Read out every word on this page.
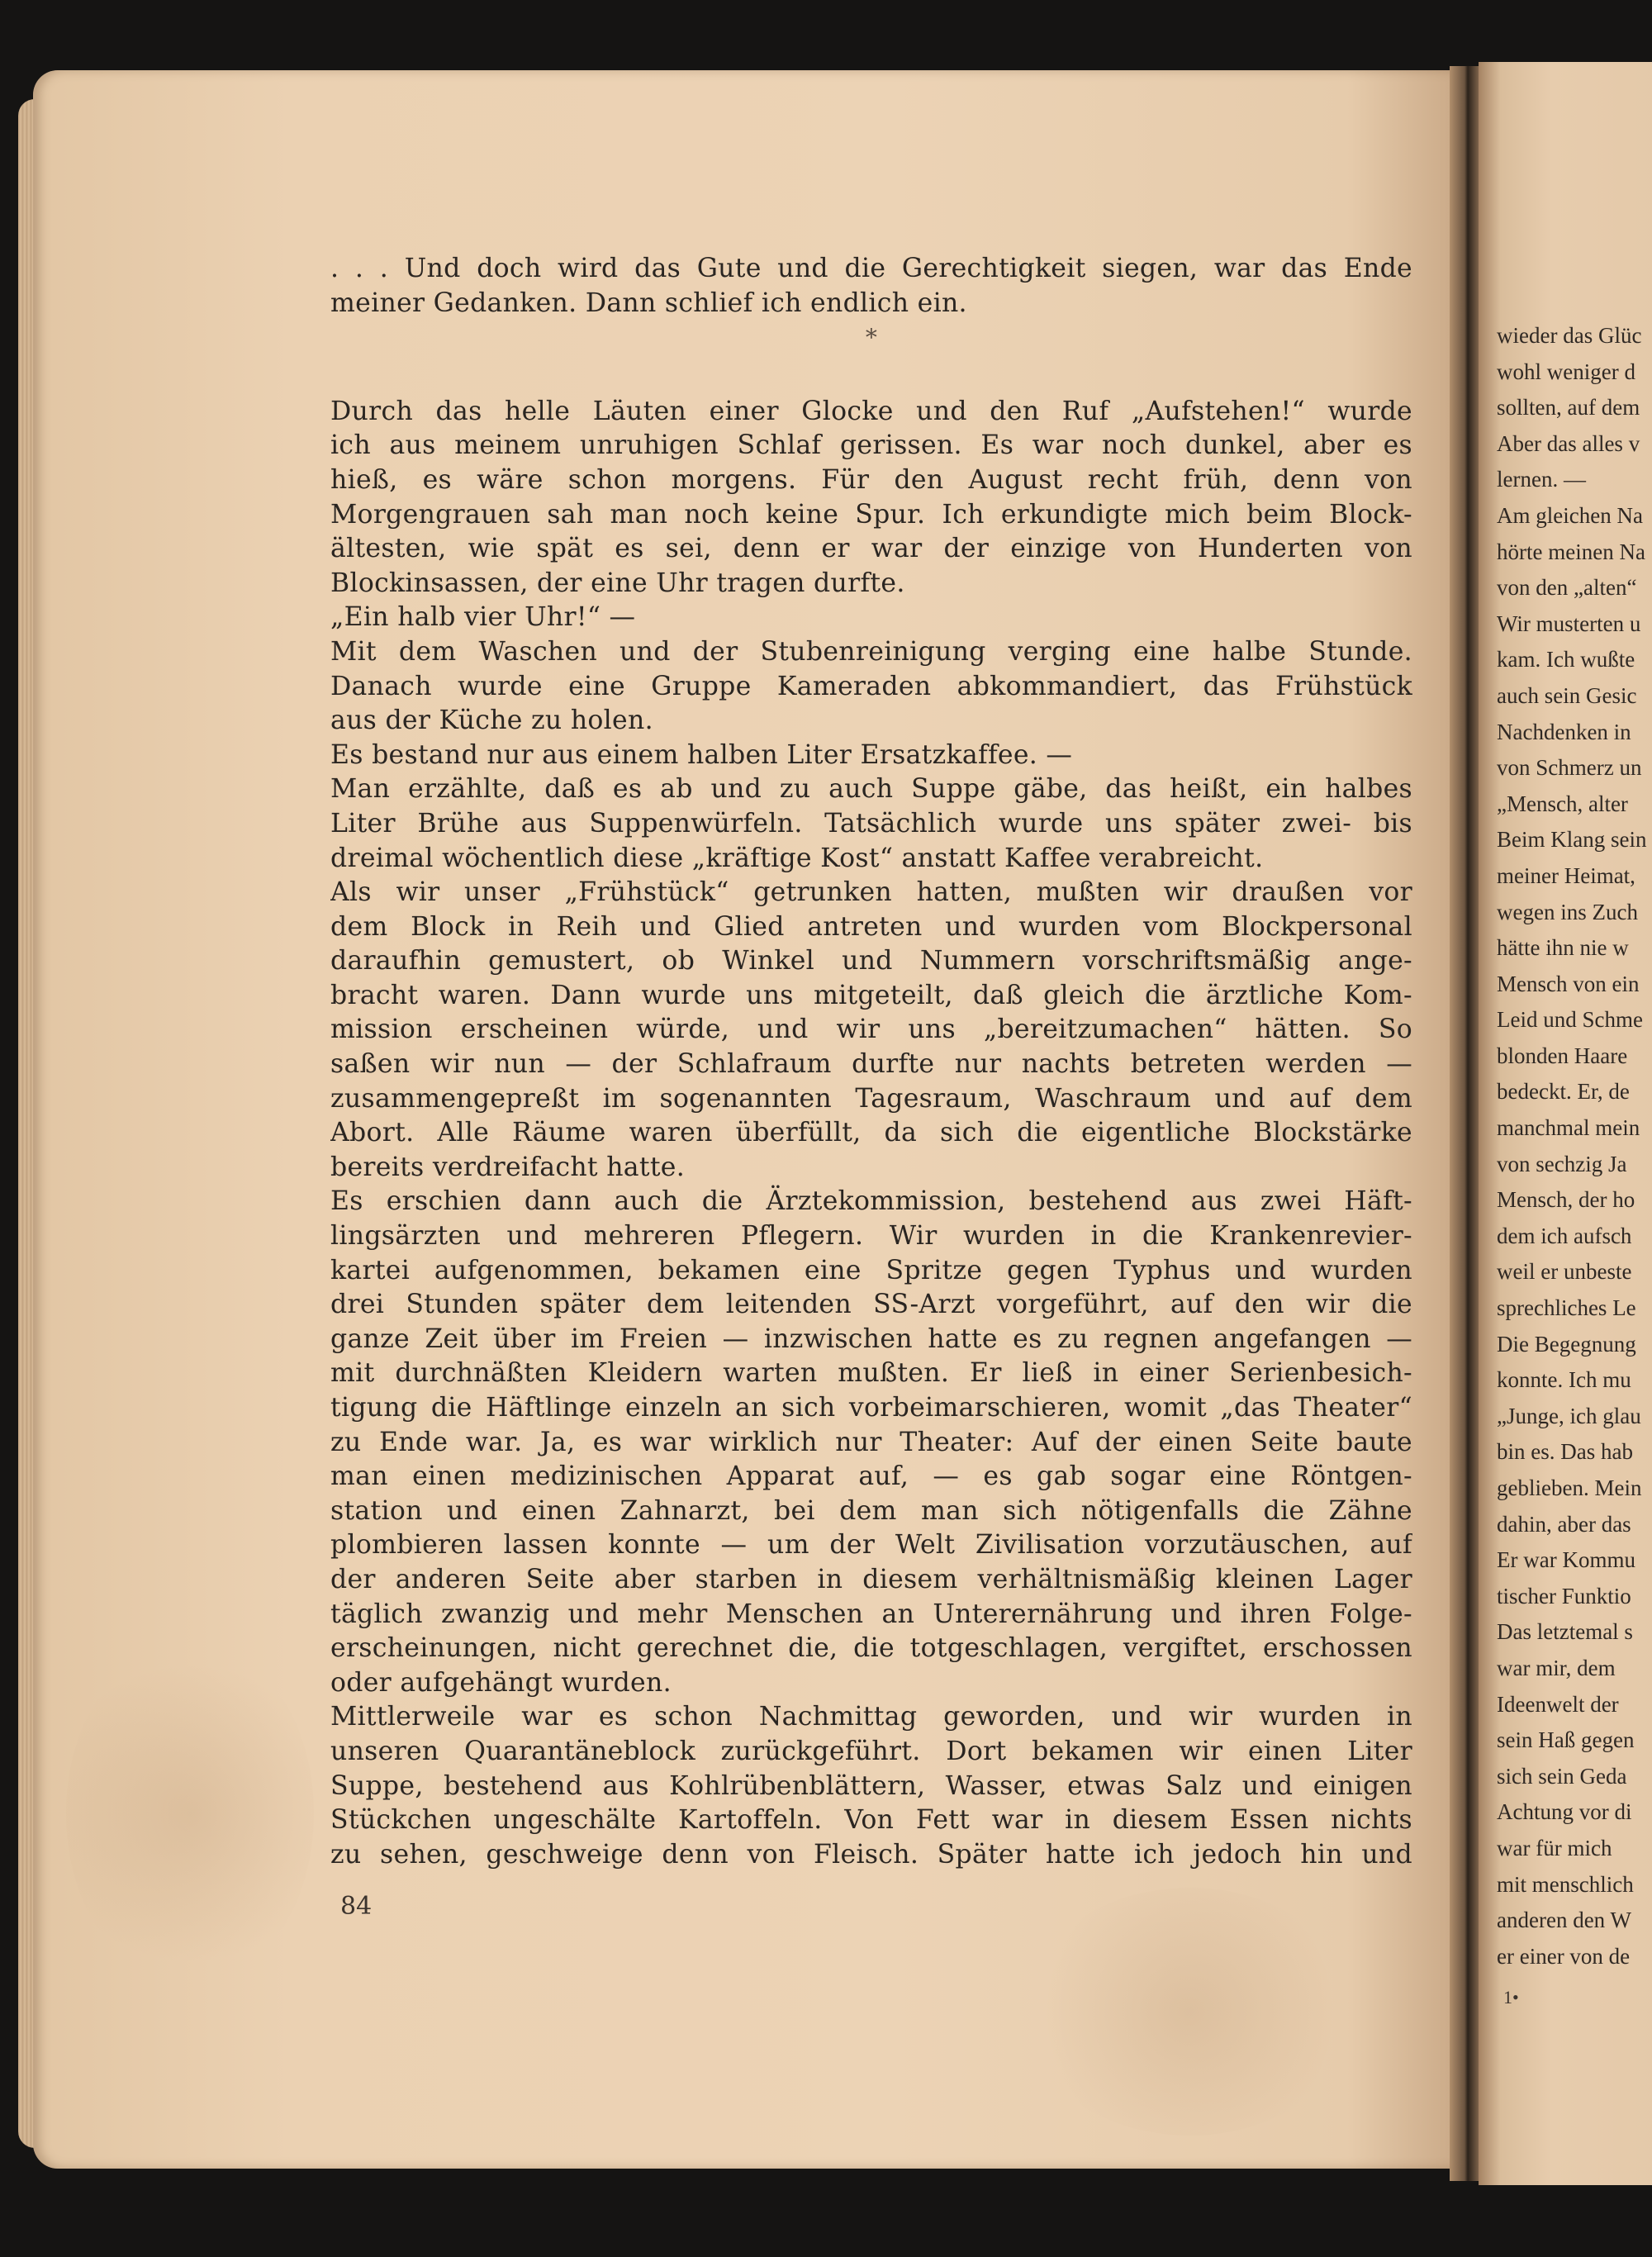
wieder das Glüc
wohl weniger d
sollten, auf dem
Aber das alles v
lernen. —
Am gleichen Na
hörte meinen Na
von den „alten“
Wir musterten u
kam. Ich wußte
auch sein Gesic
Nachdenken in
von Schmerz un
„Mensch, alter
Beim Klang sein
meiner Heimat,
wegen ins Zuch
hätte ihn nie w
Mensch von ein
Leid und Schme
blonden Haare
bedeckt. Er, de
manchmal mein
von sechzig Ja
Mensch, der ho
dem ich aufsch
weil er unbeste
sprechliches Le
Die Begegnung
konnte. Ich mu
„Junge, ich glau
bin es. Das hab
geblieben. Mein
dahin, aber das
Er war Kommu
tischer Funktio
Das letztemal s
war mir, dem
Ideenwelt der
sein Haß gegen
sich sein Geda
Achtung vor di
war für mich
mit menschlich
anderen den W
er einer von de
1•
. . . Und doch wird das Gute und die Gerechtigkeit siegen, war das Ende
meiner Gedanken. Dann schlief ich endlich ein.
*
Durch das helle Läuten einer Glocke und den Ruf „Aufstehen!“ wurde
ich aus meinem unruhigen Schlaf gerissen. Es war noch dunkel, aber es
hieß, es wäre schon morgens. Für den August recht früh, denn von
Morgengrauen sah man noch keine Spur. Ich erkundigte mich beim Block-
ältesten, wie spät es sei, denn er war der einzige von Hunderten von
Blockinsassen, der eine Uhr tragen durfte.
„Ein halb vier Uhr!“ —
Mit dem Waschen und der Stubenreinigung verging eine halbe Stunde.
Danach wurde eine Gruppe Kameraden abkommandiert, das Frühstück
aus der Küche zu holen.
Es bestand nur aus einem halben Liter Ersatzkaffee. —
Man erzählte, daß es ab und zu auch Suppe gäbe, das heißt, ein halbes
Liter Brühe aus Suppenwürfeln. Tatsächlich wurde uns später zwei- bis
dreimal wöchentlich diese „kräftige Kost“ anstatt Kaffee verabreicht.
Als wir unser „Frühstück“ getrunken hatten, mußten wir draußen vor
dem Block in Reih und Glied antreten und wurden vom Blockpersonal
daraufhin gemustert, ob Winkel und Nummern vorschriftsmäßig ange-
bracht waren. Dann wurde uns mitgeteilt, daß gleich die ärztliche Kom-
mission erscheinen würde, und wir uns „bereitzumachen“ hätten. So
saßen wir nun — der Schlafraum durfte nur nachts betreten werden —
zusammengepreßt im sogenannten Tagesraum, Waschraum und auf dem
Abort. Alle Räume waren überfüllt, da sich die eigentliche Blockstärke
bereits verdreifacht hatte.
Es erschien dann auch die Ärztekommission, bestehend aus zwei Häft-
lingsärzten und mehreren Pflegern. Wir wurden in die Krankenrevier-
kartei aufgenommen, bekamen eine Spritze gegen Typhus und wurden
drei Stunden später dem leitenden SS-Arzt vorgeführt, auf den wir die
ganze Zeit über im Freien — inzwischen hatte es zu regnen angefangen —
mit durchnäßten Kleidern warten mußten. Er ließ in einer Serienbesich-
tigung die Häftlinge einzeln an sich vorbeimarschieren, womit „das Theater“
zu Ende war. Ja, es war wirklich nur Theater: Auf der einen Seite baute
man einen medizinischen Apparat auf, — es gab sogar eine Röntgen-
station und einen Zahnarzt, bei dem man sich nötigenfalls die Zähne
plombieren lassen konnte — um der Welt Zivilisation vorzutäuschen, auf
der anderen Seite aber starben in diesem verhältnismäßig kleinen Lager
täglich zwanzig und mehr Menschen an Unterernährung und ihren Folge-
erscheinungen, nicht gerechnet die, die totgeschlagen, vergiftet, erschossen
oder aufgehängt wurden.
Mittlerweile war es schon Nachmittag geworden, und wir wurden in
unseren Quarantäneblock zurückgeführt. Dort bekamen wir einen Liter
Suppe, bestehend aus Kohlrübenblättern, Wasser, etwas Salz und einigen
Stückchen ungeschälte Kartoffeln. Von Fett war in diesem Essen nichts
zu sehen, geschweige denn von Fleisch. Später hatte ich jedoch hin und
84
